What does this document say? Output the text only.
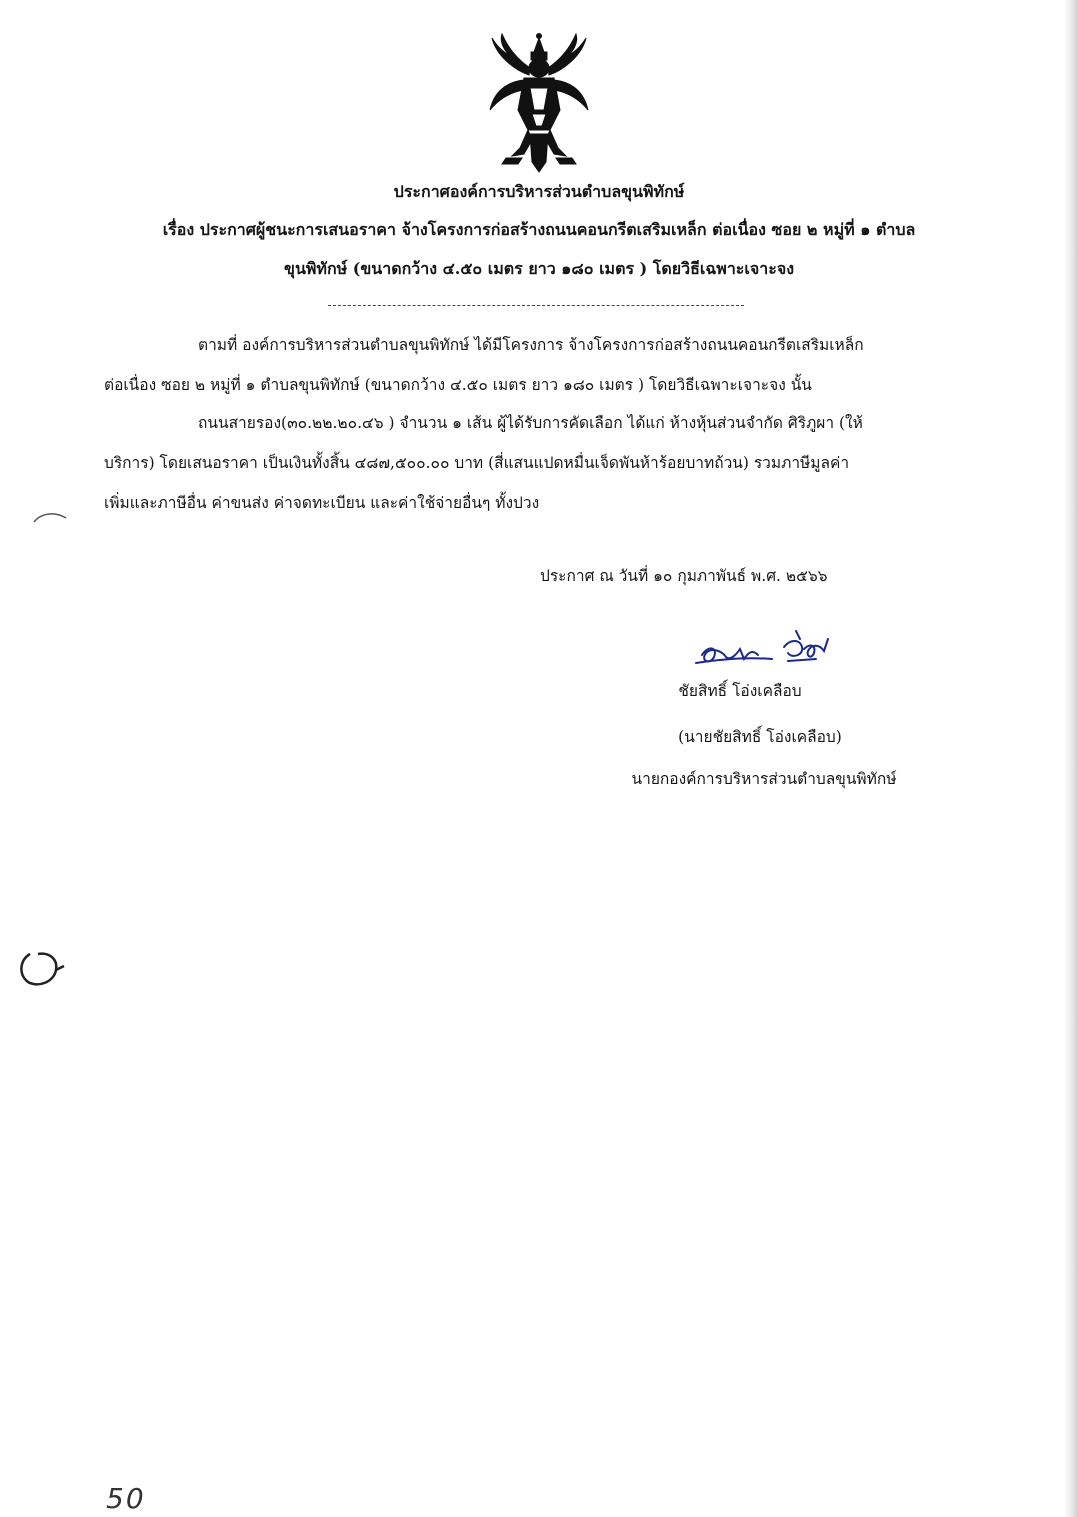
ประกาศองค์การบริหารส่วนตำบลขุนพิทักษ์
เรื่อง ประกาศผู้ชนะการเสนอราคา จ้างโครงการก่อสร้างถนนคอนกรีตเสริมเหล็ก ต่อเนื่อง ซอย ๒ หมู่ที่ ๑ ตำบล
ขุนพิทักษ์ (ขนาดกว้าง ๔.๕๐ เมตร ยาว ๑๘๐ เมตร ) โดยวิธีเฉพาะเจาะจง
ตามที่ องค์การบริหารส่วนตำบลขุนพิทักษ์ ได้มีโครงการ จ้างโครงการก่อสร้างถนนคอนกรีตเสริมเหล็ก
ต่อเนื่อง ซอย ๒ หมู่ที่ ๑ ตำบลขุนพิทักษ์ (ขนาดกว้าง ๔.๕๐ เมตร ยาว ๑๘๐ เมตร ) โดยวิธีเฉพาะเจาะจง นั้น
ถนนสายรอง(๓๐.๒๒.๒๐.๔๖ ) จำนวน ๑ เส้น ผู้ได้รับการคัดเลือก ได้แก่ ห้างหุ้นส่วนจำกัด ศิริภูผา (ให้
บริการ) โดยเสนอราคา เป็นเงินทั้งสิ้น ๔๘๗,๕๐๐.๐๐ บาท (สี่แสนแปดหมื่นเจ็ดพันห้าร้อยบาทถ้วน) รวมภาษีมูลค่า
เพิ่มและภาษีอื่น ค่าขนส่ง ค่าจดทะเบียน และค่าใช้จ่ายอื่นๆ ทั้งปวง
ประกาศ ณ วันที่ ๑๐ กุมภาพันธ์ พ.ศ. ๒๕๖๖
ชัยสิทธิ์ โอ่งเคลือบ
(นายชัยสิทธิ์ โอ่งเคลือบ)
นายกองค์การบริหารส่วนตำบลขุนพิทักษ์
50
